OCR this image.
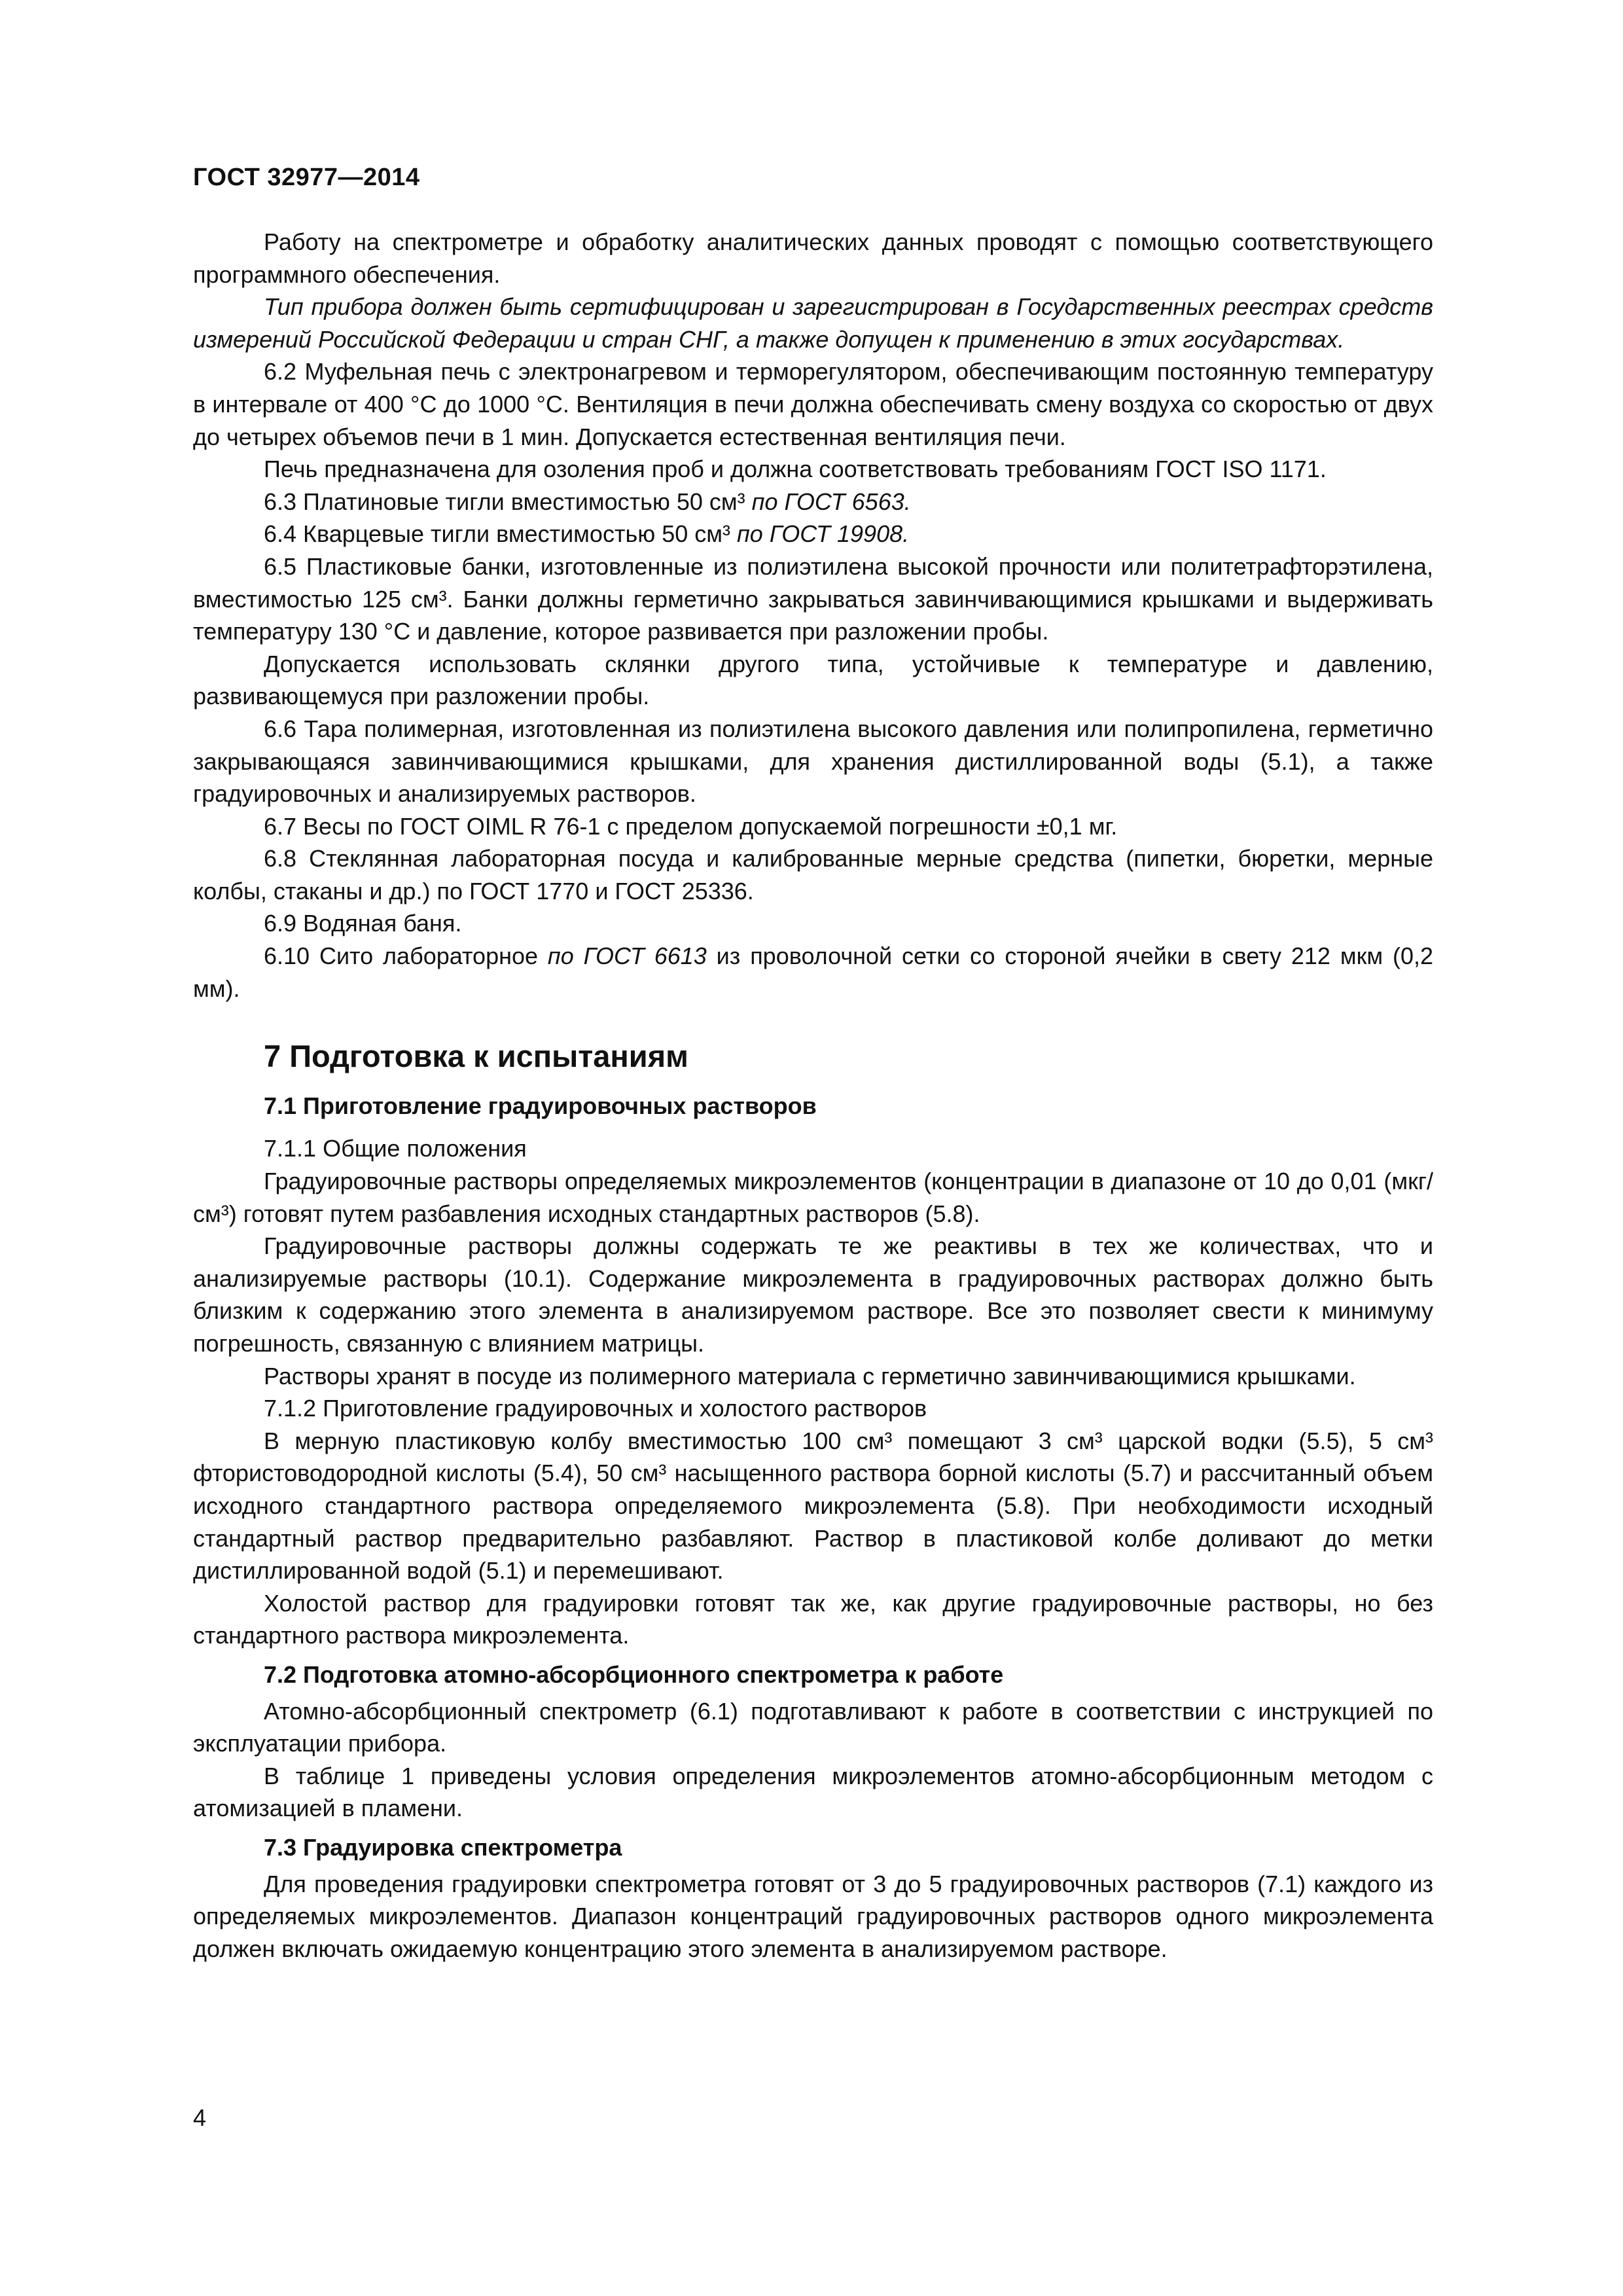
ГОСТ 32977—2014

Работу на спектрометре и обработку аналитических данных проводят с помощью соответствующего программного обеспечения.

Тип прибора должен быть сертифицирован и зарегистрирован в Государственных реестрах средств измерений Российской Федерации и стран СНГ, а также допущен к применению в этих государствах.

6.2 Муфельная печь с электронагревом и терморегулятором, обеспечивающим постоянную температуру в интервале от 400 °С до 1000 °С. Вентиляция в печи должна обеспечивать смену воздуха со скоростью от двух до четырех объемов печи в 1 мин. Допускается естественная вентиляция печи.

Печь предназначена для озоления проб и должна соответствовать требованиям ГОСТ ISO 1171.

6.3 Платиновые тигли вместимостью 50 см³ по ГОСТ 6563.

6.4 Кварцевые тигли вместимостью 50 см³ по ГОСТ 19908.

6.5 Пластиковые банки, изготовленные из полиэтилена высокой прочности или политетрафторэтилена, вместимостью 125 см³. Банки должны герметично закрываться завинчивающимися крышками и выдерживать температуру 130 °С и давление, которое развивается при разложении пробы.

Допускается использовать склянки другого типа, устойчивые к температуре и давлению, развивающемуся при разложении пробы.

6.6 Тара полимерная, изготовленная из полиэтилена высокого давления или полипропилена, герметично закрывающаяся завинчивающимися крышками, для хранения дистиллированной воды (5.1), а также градуировочных и анализируемых растворов.

6.7 Весы по ГОСТ OIML R 76-1 с пределом допускаемой погрешности ±0,1 мг.

6.8 Стеклянная лабораторная посуда и калиброванные мерные средства (пипетки, бюретки, мерные колбы, стаканы и др.) по ГОСТ 1770 и ГОСТ 25336.

6.9 Водяная баня.

6.10 Сито лабораторное по ГОСТ 6613 из проволочной сетки со стороной ячейки в свету 212 мкм (0,2 мм).

7 Подготовка к испытаниям

7.1 Приготовление градуировочных растворов

7.1.1 Общие положения

Градуировочные растворы определяемых микроэлементов (концентрации в диапазоне от 10 до 0,01 (мкг/см³) готовят путем разбавления исходных стандартных растворов (5.8).

Градуировочные растворы должны содержать те же реактивы в тех же количествах, что и анализируемые растворы (10.1). Содержание микроэлемента в градуировочных растворах должно быть близким к содержанию этого элемента в анализируемом растворе. Все это позволяет свести к минимуму погрешность, связанную с влиянием матрицы.

Растворы хранят в посуде из полимерного материала с герметично завинчивающимися крышками.

7.1.2 Приготовление градуировочных и холостого растворов

В мерную пластиковую колбу вместимостью 100 см³ помещают 3 см³ царской водки (5.5), 5 см³ фтористоводородной кислоты (5.4), 50 см³ насыщенного раствора борной кислоты (5.7) и рассчитанный объем исходного стандартного раствора определяемого микроэлемента (5.8). При необходимости исходный стандартный раствор предварительно разбавляют. Раствор в пластиковой колбе доливают до метки дистиллированной водой (5.1) и перемешивают.

Холостой раствор для градуировки готовят так же, как другие градуировочные растворы, но без стандартного раствора микроэлемента.

7.2 Подготовка атомно-абсорбционного спектрометра к работе

Атомно-абсорбционный спектрометр (6.1) подготавливают к работе в соответствии с инструкцией по эксплуатации прибора.

В таблице 1 приведены условия определения микроэлементов атомно-абсорбционным методом с атомизацией в пламени.

7.3 Градуировка спектрометра

Для проведения градуировки спектрометра готовят от 3 до 5 градуировочных растворов (7.1) каждого из определяемых микроэлементов. Диапазон концентраций градуировочных растворов одного микроэлемента должен включать ожидаемую концентрацию этого элемента в анализируемом растворе.

4
